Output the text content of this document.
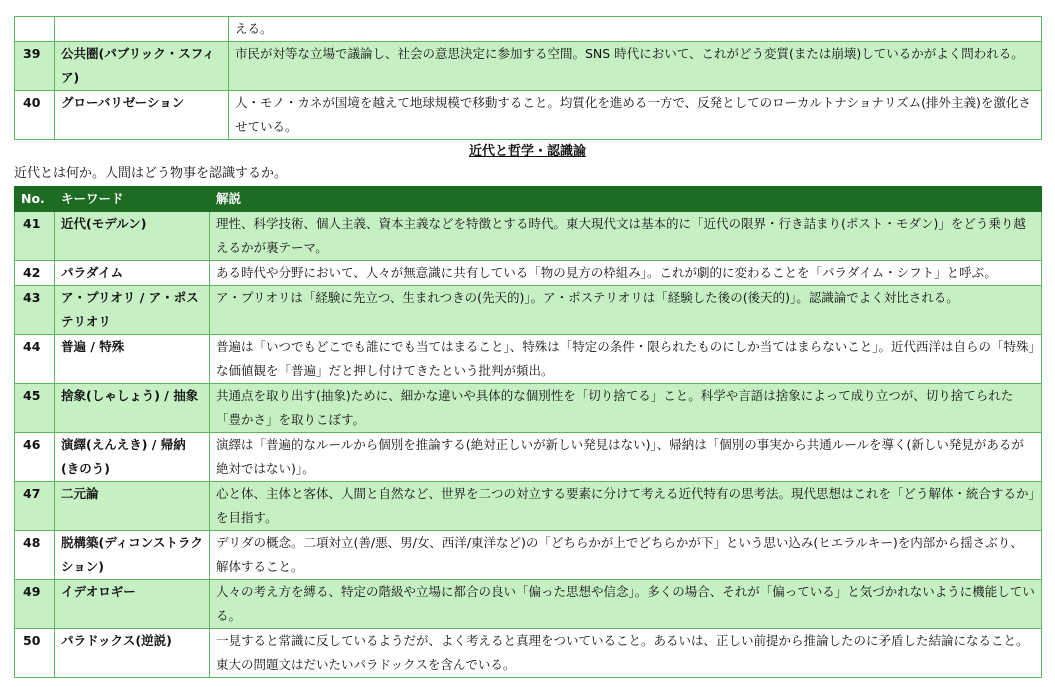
		える。
39	公共圏(パブリック・スフィア)	市民が対等な立場で議論し、社会の意思決定に参加する空間。SNS 時代において、これがどう変質(または崩壊)しているかがよく問われる。
40	グローバリゼーション	人・モノ・カネが国境を越えて地球規模で移動すること。均質化を進める一方で、反発としてのローカルトナショナリズム(排外主義)を激化させている。
近代と哲学・認識論
近代とは何か。人間はどう物事を認識するか。
No.	キーワード	解説
41	近代(モデルン)	理性、科学技術、個人主義、資本主義などを特徴とする時代。東大現代文は基本的に「近代の限界・行き詰まり(ポスト・モダン)」をどう乗り越えるかが裏テーマ。
42	パラダイム	ある時代や分野において、人々が無意識に共有している「物の見方の枠組み」。これが劇的に変わることを「パラダイム・シフト」と呼ぶ。
43	ア・プリオリ / ア・ポステリオリ	ア・プリオリは「経験に先立つ、生まれつきの(先天的)」。ア・ポステリオリは「経験した後の(後天的)」。認識論でよく対比される。
44	普遍 / 特殊	普遍は「いつでもどこでも誰にでも当てはまること」、特殊は「特定の条件・限られたものにしか当てはまらないこと」。近代西洋は自らの「特殊」な価値観を「普遍」だと押し付けてきたという批判が頻出。
45	捨象(しゃしょう) / 抽象	共通点を取り出す(抽象)ために、細かな違いや具体的な個別性を「切り捨てる」こと。科学や言語は捨象によって成り立つが、切り捨てられた「豊かさ」を取りこぼす。
46	演繹(えんえき) / 帰納(きのう)	演繹は「普遍的なルールから個別を推論する(絶対正しいが新しい発見はない)」、帰納は「個別の事実から共通ルールを導く(新しい発見があるが絶対ではない)」。
47	二元論	心と体、主体と客体、人間と自然など、世界を二つの対立する要素に分けて考える近代特有の思考法。現代思想はこれを「どう解体・統合するか」を目指す。
48	脱構築(ディコンストラクション)	デリダの概念。二項対立(善/悪、男/女、西洋/東洋など)の「どちらかが上でどちらかが下」という思い込み(ヒエラルキー)を内部から揺さぶり、解体すること。
49	イデオロギー	人々の考え方を縛る、特定の階級や立場に都合の良い「偏った思想や信念」。多くの場合、それが「偏っている」と気づかれないように機能している。
50	パラドックス(逆説)	一見すると常識に反しているようだが、よく考えると真理をついていること。あるいは、正しい前提から推論したのに矛盾した結論になること。東大の問題文はだいたいパラドックスを含んでいる。
